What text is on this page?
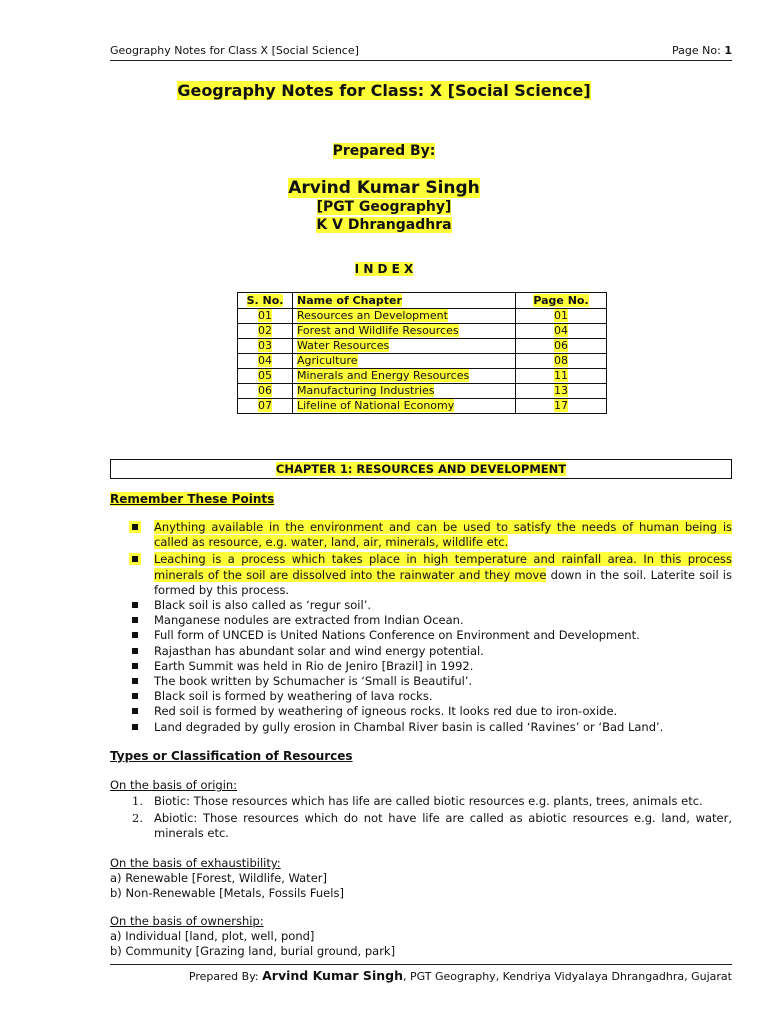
Geography Notes for Class X [Social Science]	Page No: 1
Geography Notes for Class: X [Social Science]
Prepared By:
Arvind Kumar Singh
[PGT Geography]
K V Dhrangadhra
I N D E X
S. No.	Name of Chapter	Page No.
01	Resources an Development	01
02	Forest and Wildlife Resources	04
03	Water Resources	06
04	Agriculture	08
05	Minerals and Energy Resources	11
06	Manufacturing Industries	13
07	Lifeline of National Economy	17
CHAPTER 1: RESOURCES AND DEVELOPMENT
Remember These Points
Anything available in the environment and can be used to satisfy the needs of human being is called as resource, e.g. water, land, air, minerals, wildlife etc.
Leaching is a process which takes place in high temperature and rainfall area. In this process minerals of the soil are dissolved into the rainwater and they move down in the soil. Laterite soil is formed by this process.
Black soil is also called as ‘regur soil’.
Manganese nodules are extracted from Indian Ocean.
Full form of UNCED is United Nations Conference on Environment and Development.
Rajasthan has abundant solar and wind energy potential.
Earth Summit was held in Rio de Jeniro [Brazil] in 1992.
The book written by Schumacher is ‘Small is Beautiful’.
Black soil is formed by weathering of lava rocks.
Red soil is formed by weathering of igneous rocks. It looks red due to iron-oxide.
Land degraded by gully erosion in Chambal River basin is called ‘Ravines’ or ‘Bad Land’.
Types or Classification of Resources
On the basis of origin:
1. Biotic: Those resources which has life are called biotic resources e.g. plants, trees, animals etc.
2. Abiotic: Those resources which do not have life are called as abiotic resources e.g. land, water, minerals etc.
On the basis of exhaustibility:
a) Renewable [Forest, Wildlife, Water]
b) Non-Renewable [Metals, Fossils Fuels]
On the basis of ownership:
a) Individual [land, plot, well, pond]
b) Community [Grazing land, burial ground, park]
Prepared By: Arvind Kumar Singh, PGT Geography, Kendriya Vidyalaya Dhrangadhra, Gujarat
